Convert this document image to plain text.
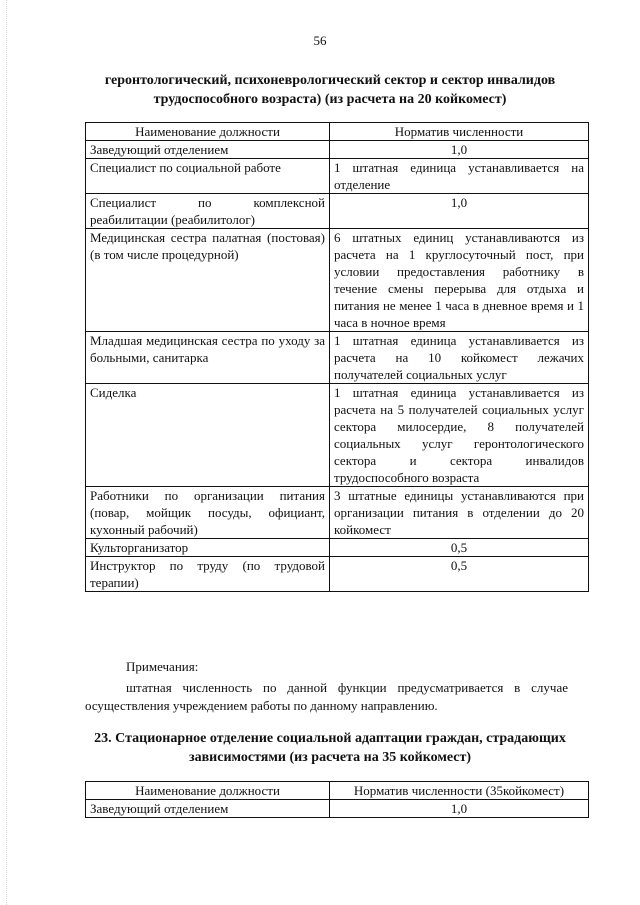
56
геронтологический, психоневрологический сектор и сектор инвалидов трудоспособного возраста) (из расчета на 20 койкомест)
Наименование должности	Норматив численности
Заведующий отделением	1,0
Специалист по социальной работе	1 штатная единица устанавливается на отделение
Специалист по комплексной реабилитации (реабилитолог)	1,0
Медицинская сестра палатная (постовая) (в том числе процедурной)	6 штатных единиц устанавливаются из расчета на 1 круглосуточный пост, при условии предоставления работнику в течение смены перерыва для отдыха и питания не менее 1 часа в дневное время и 1 часа в ночное время
Младшая медицинская сестра по уходу за больными, санитарка	1 штатная единица устанавливается из расчета на 10 койкомест лежачих получателей социальных услуг
Сиделка	1 штатная единица устанавливается из расчета на 5 получателей социальных услуг сектора милосердие, 8 получателей социальных услуг геронтологического сектора и сектора инвалидов трудоспособного возраста
Работники по организации питания (повар, мойщик посуды, официант, кухонный рабочий)	3 штатные единицы устанавливаются при организации питания в отделении до 20 койкомест
Культорганизатор	0,5
Инструктор по труду (по трудовой терапии)	0,5
Примечания:
штатная численность по данной функции предусматривается в случае осуществления учреждением работы по данному направлению.
23. Стационарное отделение социальной адаптации граждан, страдающих зависимостями (из расчета на 35 койкомест)
Наименование должности	Норматив численности (35койкомест)
Заведующий отделением	1,0
